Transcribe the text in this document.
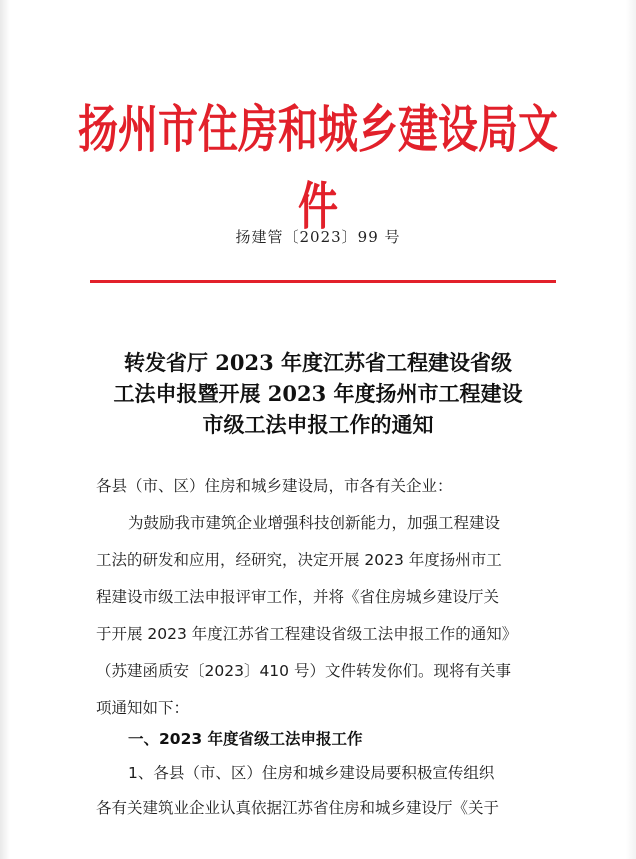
扬州市住房和城乡建设局文件
扬建管〔2023〕99 号
转发省厅 2023 年度江苏省工程建设省级
工法申报暨开展 2023 年度扬州市工程建设
市级工法申报工作的通知
各县（市、区）住房和城乡建设局，市各有关企业：
为鼓励我市建筑企业增强科技创新能力，加强工程建设
工法的研发和应用，经研究，决定开展 2023 年度扬州市工
程建设市级工法申报评审工作，并将《省住房城乡建设厅关
于开展 2023 年度江苏省工程建设省级工法申报工作的通知》
（苏建函质安〔2023〕410 号）文件转发你们。现将有关事
项通知如下：
一、2023 年度省级工法申报工作
1、各县（市、区）住房和城乡建设局要积极宣传组织
各有关建筑业企业认真依据江苏省住房和城乡建设厅《关于
